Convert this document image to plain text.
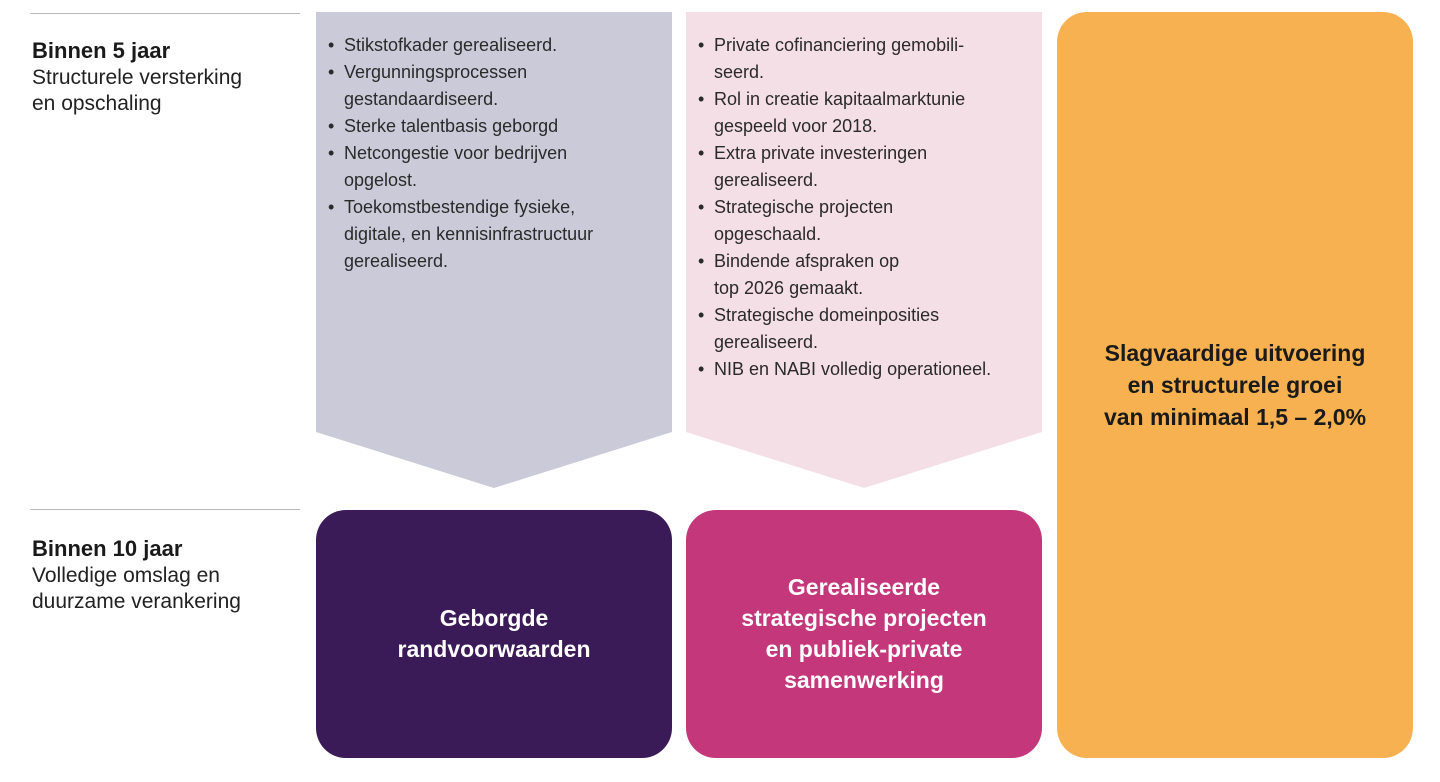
Binnen 5 jaar
Structurele versterking
en opschaling
Binnen 10 jaar
Volledige omslag en
duurzame verankering
• Stikstofkader gerealiseerd.
• Vergunningsprocessen
gestandaardiseerd.
• Sterke talentbasis geborgd
• Netcongestie voor bedrijven
opgelost.
• Toekomstbestendige fysieke,
digitale, en kennisinfrastructuur
gerealiseerd.
• Private cofinanciering gemobili-
seerd.
• Rol in creatie kapitaalmarktunie
gespeeld voor 2018.
• Extra private investeringen
gerealiseerd.
• Strategische projecten
opgeschaald.
• Bindende afspraken op
top 2026 gemaakt.
• Strategische domeinposities
gerealiseerd.
• NIB en NABI volledig operationeel.
Geborgde
randvoorwaarden
Gerealiseerde
strategische projecten
en publiek-private
samenwerking
Slagvaardige uitvoering
en structurele groei
van minimaal 1,5 – 2,0%
